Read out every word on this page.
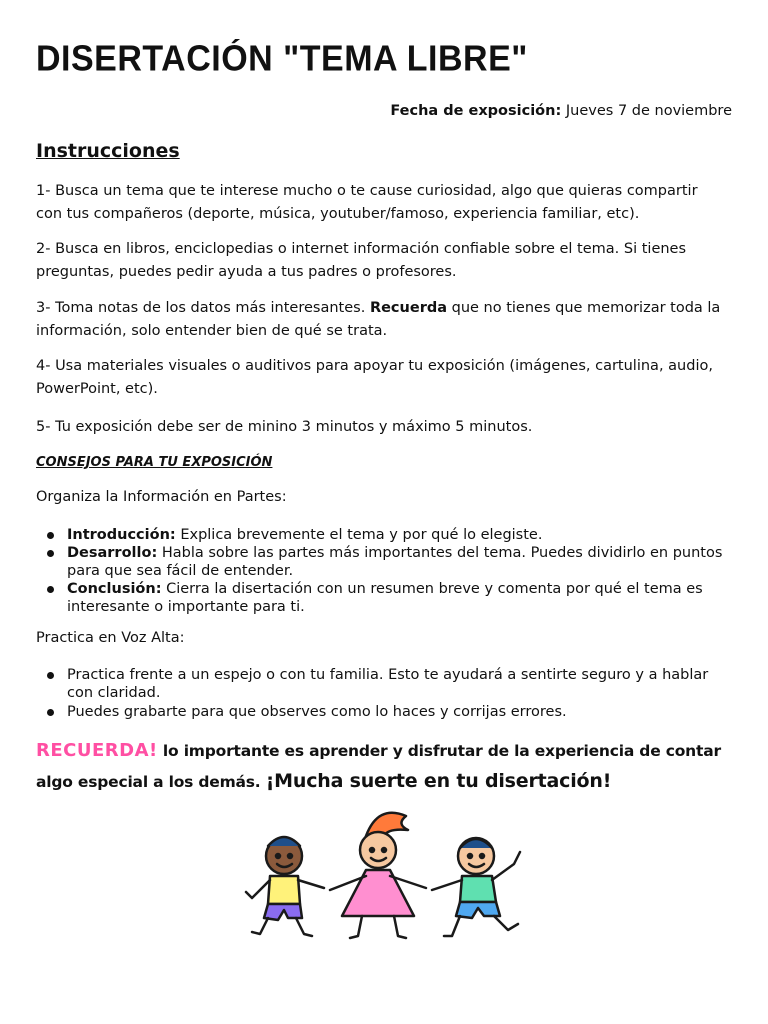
DISERTACIÓN "TEMA LIBRE"
Fecha de exposición: Jueves 7 de noviembre
Instrucciones

1- Busca un tema que te interese mucho o te cause curiosidad, algo que quieras compartir con tus compañeros (deporte, música, youtuber/famoso, experiencia familiar, etc).

2- Busca en libros, enciclopedias o internet información confiable sobre el tema. Si tienes preguntas, puedes pedir ayuda a tus padres o profesores.

3- Toma notas de los datos más interesantes. Recuerda que no tienes que memorizar toda la información, solo entender bien de qué se trata.

4- Usa materiales visuales o auditivos para apoyar tu exposición (imágenes, cartulina, audio, PowerPoint, etc).

5- Tu exposición debe ser de minino 3 minutos y máximo 5 minutos.

CONSEJOS PARA TU EXPOSICIÓN

Organiza la Información en Partes:

Introducción: Explica brevemente el tema y por qué lo elegiste.
Desarrollo: Habla sobre las partes más importantes del tema. Puedes dividirlo en puntos para que sea fácil de entender.
Conclusión: Cierra la disertación con un resumen breve y comenta por qué el tema es interesante o importante para ti.

Practica en Voz Alta:

Practica frente a un espejo o con tu familia. Esto te ayudará a sentirte seguro y a hablar con claridad.
Puedes grabarte para que observes como lo haces y corrijas errores.

RECUERDA! lo importante es aprender y disfrutar de la experiencia de contar algo especial a los demás. ¡Mucha suerte en tu disertación!
